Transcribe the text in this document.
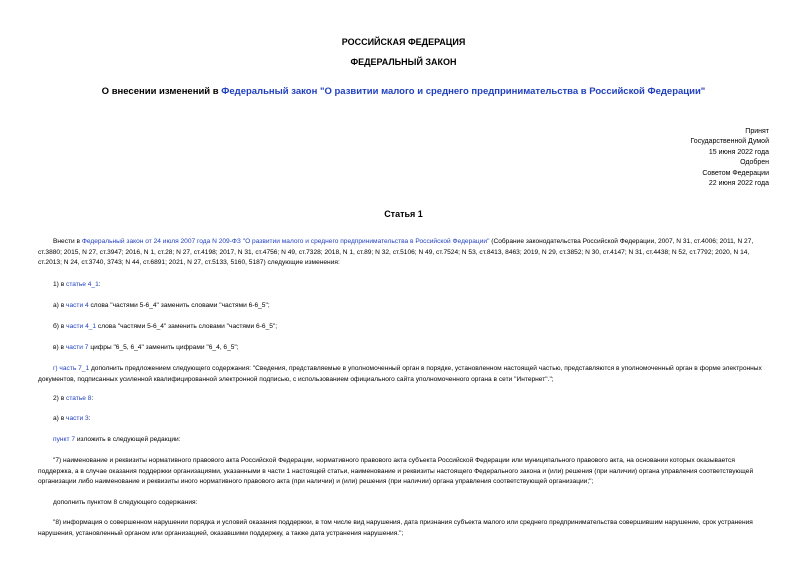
РОССИЙСКАЯ ФЕДЕРАЦИЯ
ФЕДЕРАЛЬНЫЙ ЗАКОН
О внесении изменений в Федеральный закон "О развитии малого и среднего предпринимательства в Российской Федерации"
Принят
Государственной Думой
15 июня 2022 года
Одобрен
Советом Федерации
22 июня 2022 года
Статья 1
Внести в Федеральный закон от 24 июля 2007 года N 209-ФЗ "О развитии малого и среднего предпринимательства в Российской Федерации" (Собрание законодательства Российской Федерации, 2007, N 31, ст.4006; 2011, N 27, ст.3880; 2015, N 27, ст.3947; 2016, N 1, ст.28; N 27, ст.4198; 2017, N 31, ст.4756; N 49, ст.7328; 2018, N 1, ст.89; N 32, ст.5106; N 49, ст.7524; N 53, ст.8413, 8463; 2019, N 29, ст.3852; N 30, ст.4147; N 31, ст.4438; N 52, ст.7792; 2020, N 14, ст.2013; N 24, ст.3740, 3743; N 44, ст.6891; 2021, N 27, ст.5133, 5160, 5187) следующие изменения:
1) в статье 4_1:
а) в части 4 слова "частями 5-6_4" заменить словами "частями 6-6_5";
б) в части 4_1 слова "частями 5-6_4" заменить словами "частями 6-6_5";
в) в части 7 цифры "6_5, 6_4" заменить цифрами "6_4, 6_5";
г) часть 7_1 дополнить предложением следующего содержания: "Сведения, представляемые в уполномоченный орган в порядке, установленном настоящей частью, представляются в уполномоченный орган в форме электронных документов, подписанных усиленной квалифицированной электронной подписью, с использованием официального сайта уполномоченного органа в сети "Интернет".";
2) в статье 8:
а) в части 3:
пункт 7 изложить в следующей редакции:
"7) наименование и реквизиты нормативного правового акта Российской Федерации, нормативного правового акта субъекта Российской Федерации или муниципального правового акта, на основании которых оказывается поддержка, а в случае оказания поддержки организациями, указанными в части 1 настоящей статьи, наименование и реквизиты настоящего Федерального закона и (или) решения (при наличии) органа управления соответствующей организации либо наименование и реквизиты иного нормативного правового акта (при наличии) и (или) решения (при наличии) органа управления соответствующей организации;";
дополнить пунктом 8 следующего содержания:
"8) информация о совершенном нарушении порядка и условий оказания поддержки, в том числе вид нарушения, дата признания субъекта малого или среднего предпринимательства совершившим нарушение, срок устранения нарушения, установленный органом или организацией, оказавшими поддержку, а также дата устранения нарушения.";
